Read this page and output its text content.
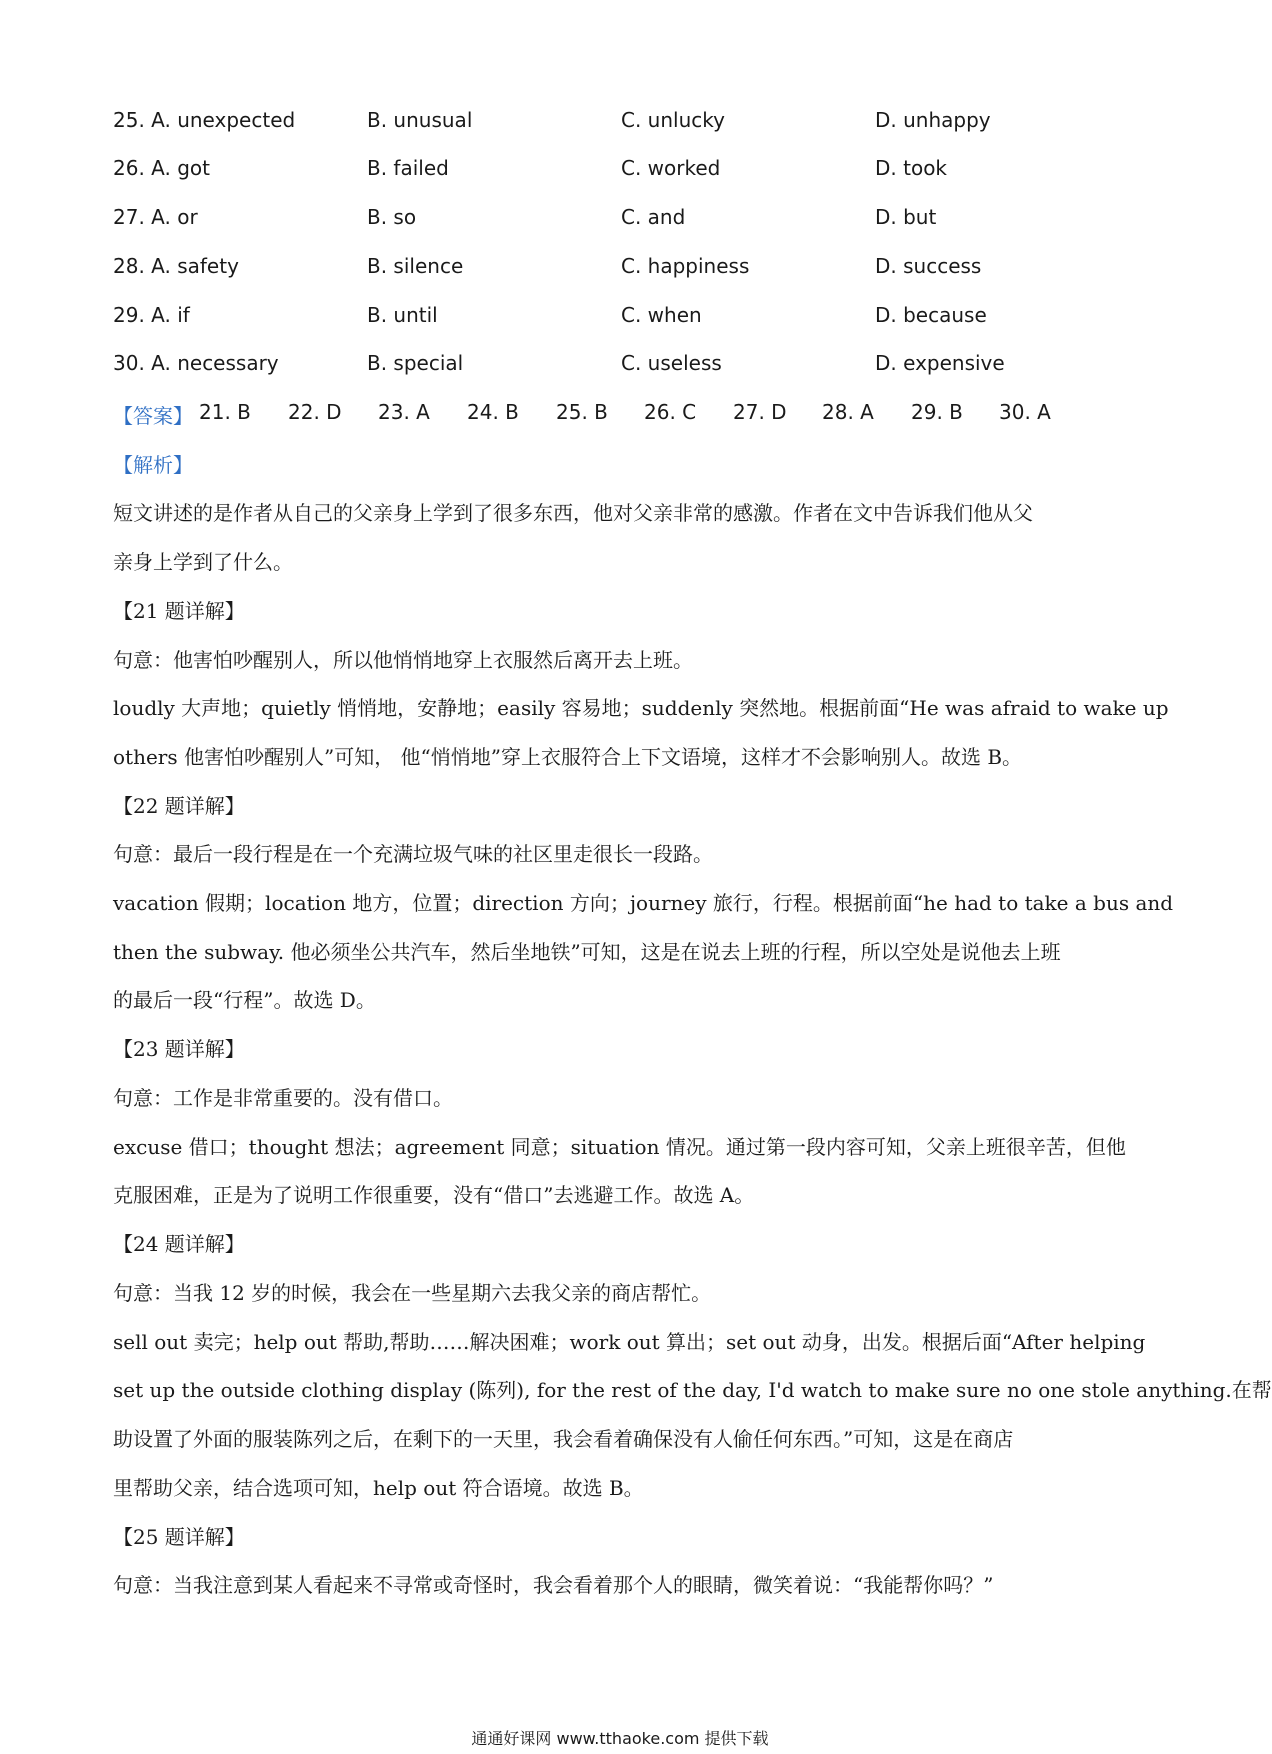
25. A. unexpected	B. unusual	C. unlucky	D. unhappy
26. A. got	B. failed	C. worked	D. took
27. A. or	B. so	C. and	D. but
28. A. safety	B. silence	C. happiness	D. success
29. A. if	B. until	C. when	D. because
30. A. necessary	B. special	C. useless	D. expensive
【答案】 21. B 22. D 23. A 24. B 25. B 26. C 27. D 28. A 29. B 30. A
【解析】
短文讲述的是作者从自己的父亲身上学到了很多东西，他对父亲非常的感激。作者在文中告诉我们他从父
亲身上学到了什么。
【21 题详解】
句意：他害怕吵醒别人，所以他悄悄地穿上衣服然后离开去上班。
loudly 大声地；quietly 悄悄地，安静地；easily 容易地；suddenly 突然地。根据前面“He was afraid to wake up
others 他害怕吵醒别人”可知， 他“悄悄地”穿上衣服符合上下文语境，这样才不会影响别人。故选 B。
【22 题详解】
句意：最后一段行程是在一个充满垃圾气味的社区里走很长一段路。
vacation 假期；location 地方，位置；direction 方向；journey 旅行，行程。根据前面“he had to take a bus and
then the subway. 他必须坐公共汽车，然后坐地铁”可知，这是在说去上班的行程，所以空处是说他去上班
的最后一段“行程”。故选 D。
【23 题详解】
句意：工作是非常重要的。没有借口。
excuse 借口；thought 想法；agreement 同意；situation 情况。通过第一段内容可知，父亲上班很辛苦，但他
克服困难，正是为了说明工作很重要，没有“借口”去逃避工作。故选 A。
【24 题详解】
句意：当我 12 岁的时候，我会在一些星期六去我父亲的商店帮忙。
sell out 卖完；help out 帮助,帮助……解决困难；work out 算出；set out 动身，出发。根据后面“After helping
set up the outside clothing display (陈列), for the rest of the day, I'd watch to make sure no one stole anything.在帮
助设置了外面的服装陈列之后，在剩下的一天里，我会看着确保没有人偷任何东西。”可知，这是在商店
里帮助父亲，结合选项可知，help out 符合语境。故选 B。
【25 题详解】
句意：当我注意到某人看起来不寻常或奇怪时，我会看着那个人的眼睛，微笑着说：“我能帮你吗？”
通通好课网 www.tthaoke.com 提供下载
